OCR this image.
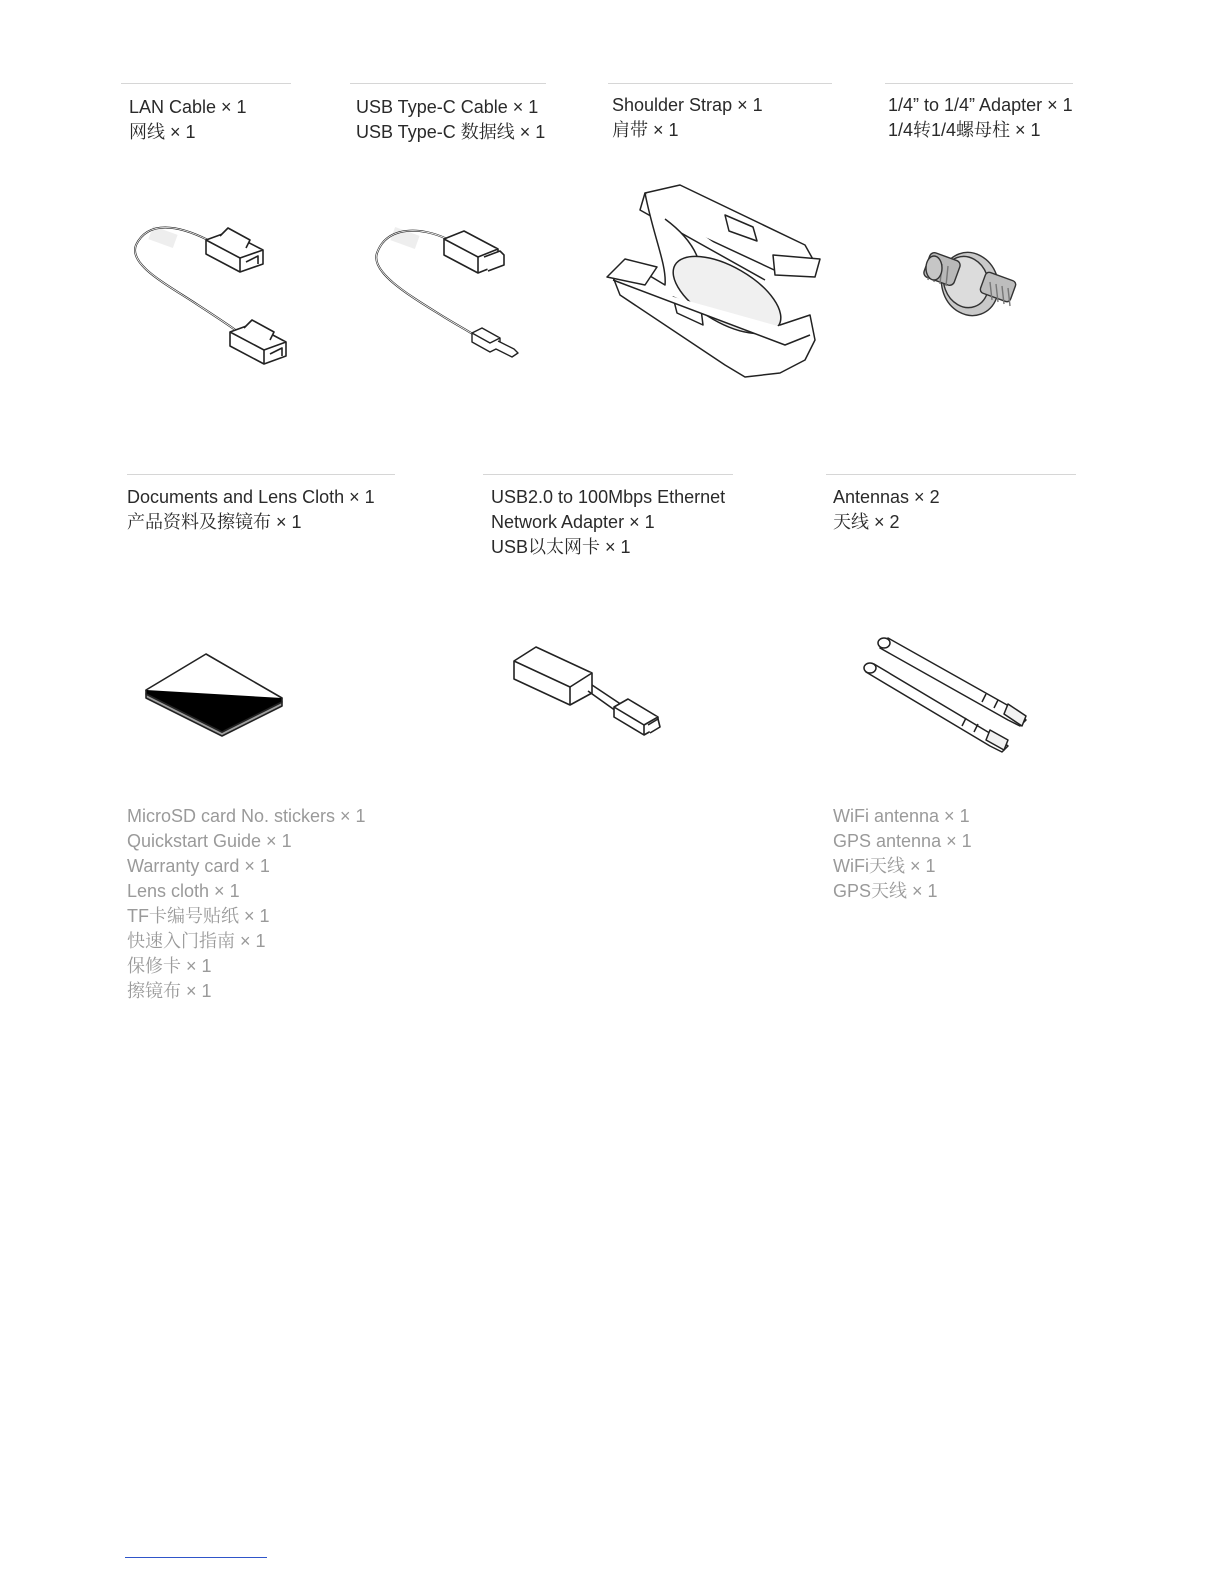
LAN Cable × 1
网线 × 1
USB Type-C Cable × 1
USB Type-C 数据线 × 1
Shoulder Strap × 1
肩带 × 1
1/4” to 1/4” Adapter × 1
1/4转1/4螺母柱 × 1
Documents and Lens Cloth × 1
产品资料及擦镜布 × 1
USB2.0 to 100Mbps Ethernet
Network Adapter × 1
USB以太网卡 × 1
Antennas × 2
天线 × 2
MicroSD card No. stickers × 1
Quickstart Guide × 1
Warranty card × 1
Lens cloth × 1
TF卡编号贴纸 × 1
快速入门指南 × 1
保修卡 × 1
擦镜布 × 1
WiFi antenna × 1
GPS antenna × 1
WiFi天线 × 1
GPS天线 × 1
